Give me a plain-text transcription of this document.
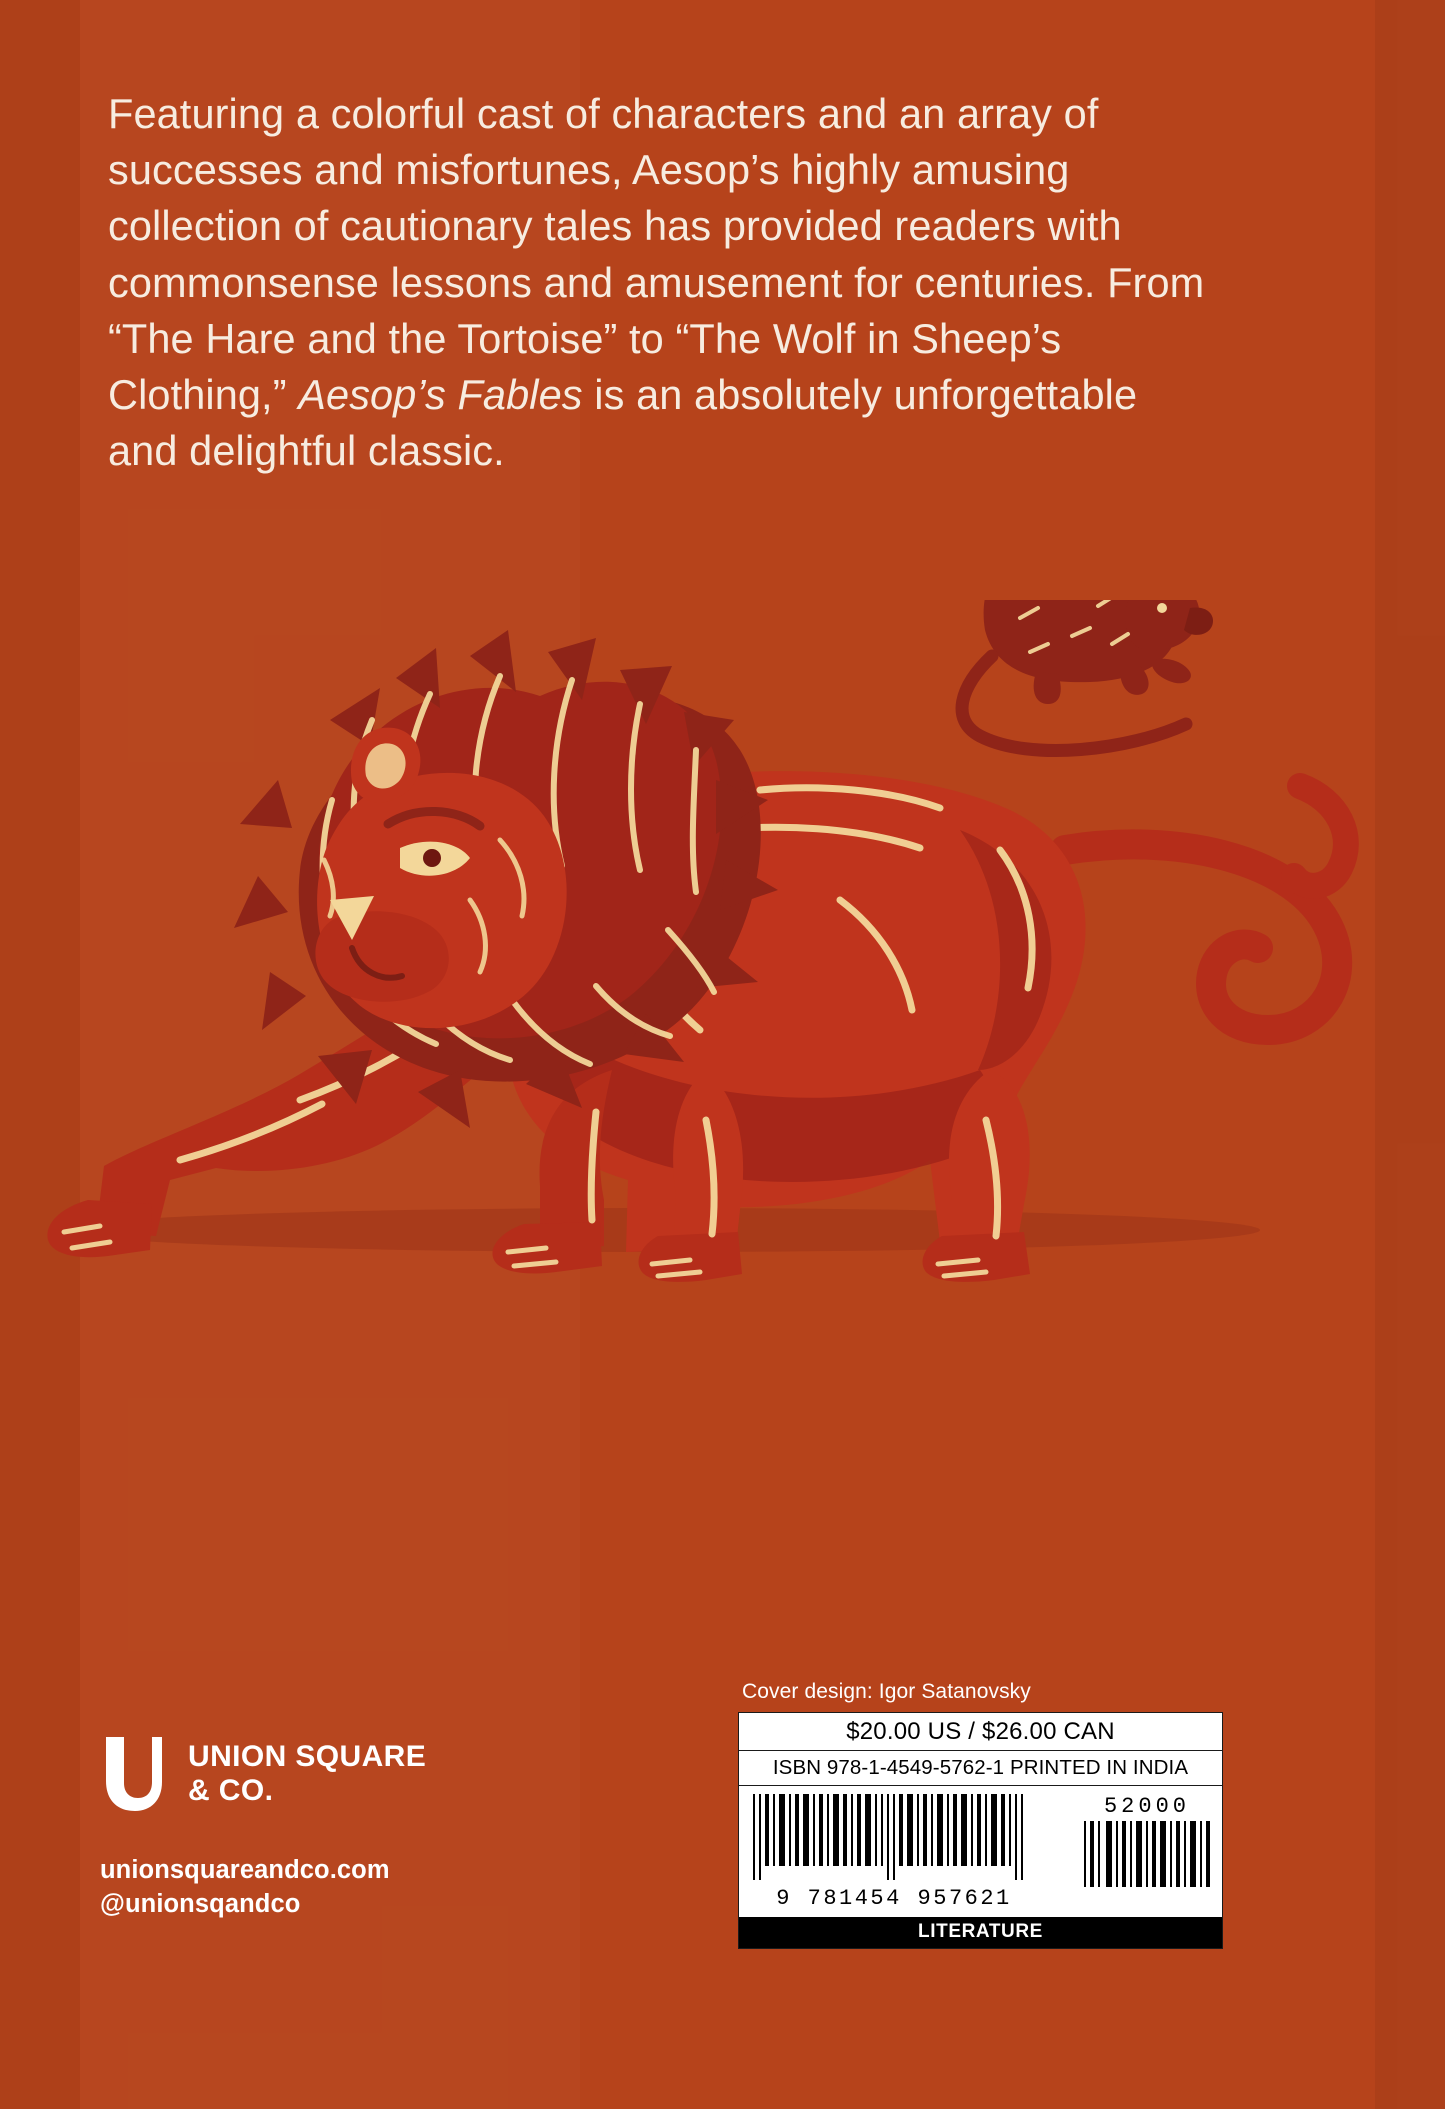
Featuring a colorful cast of characters and an array of successes and misfortunes, Aesop’s highly amusing collection of cautionary tales has provided readers with commonsense lessons and amusement for centuries. From “The Hare and the Tortoise” to “The Wolf in Sheep’s Clothing,” Aesop’s Fables is an absolutely unforgettable and delightful classic.
UNION SQUARE
& CO.
unionsquareandco.com
@unionsqandco
Cover design: Igor Satanovsky
$20.00 US / $26.00 CAN
ISBN 978-1-4549-5762-1 PRINTED IN INDIA
9 781454 957621
52000
LITERATURE
